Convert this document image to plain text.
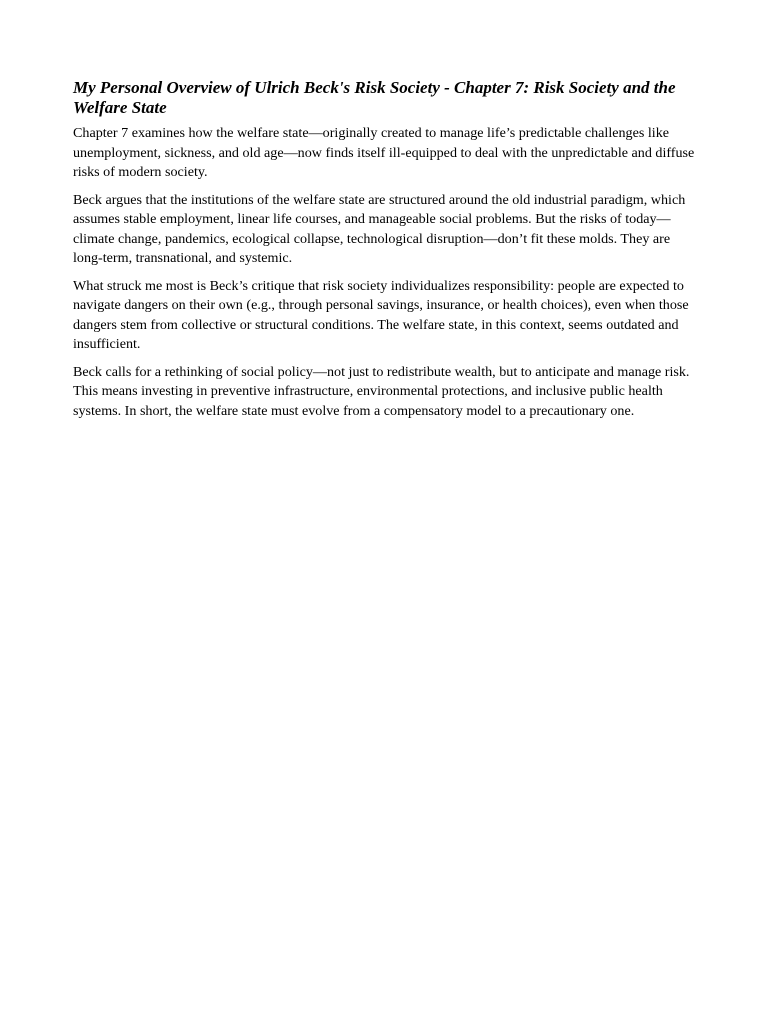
My Personal Overview of Ulrich Beck's Risk Society - Chapter 7: Risk Society and the Welfare State

Chapter 7 examines how the welfare state—originally created to manage life’s predictable challenges like unemployment, sickness, and old age—now finds itself ill-equipped to deal with the unpredictable and diffuse risks of modern society.

Beck argues that the institutions of the welfare state are structured around the old industrial paradigm, which assumes stable employment, linear life courses, and manageable social problems. But the risks of today—climate change, pandemics, ecological collapse, technological disruption—don’t fit these molds. They are long-term, transnational, and systemic.

What struck me most is Beck’s critique that risk society individualizes responsibility: people are expected to navigate dangers on their own (e.g., through personal savings, insurance, or health choices), even when those dangers stem from collective or structural conditions. The welfare state, in this context, seems outdated and insufficient.

Beck calls for a rethinking of social policy—not just to redistribute wealth, but to anticipate and manage risk. This means investing in preventive infrastructure, environmental protections, and inclusive public health systems. In short, the welfare state must evolve from a compensatory model to a precautionary one.
